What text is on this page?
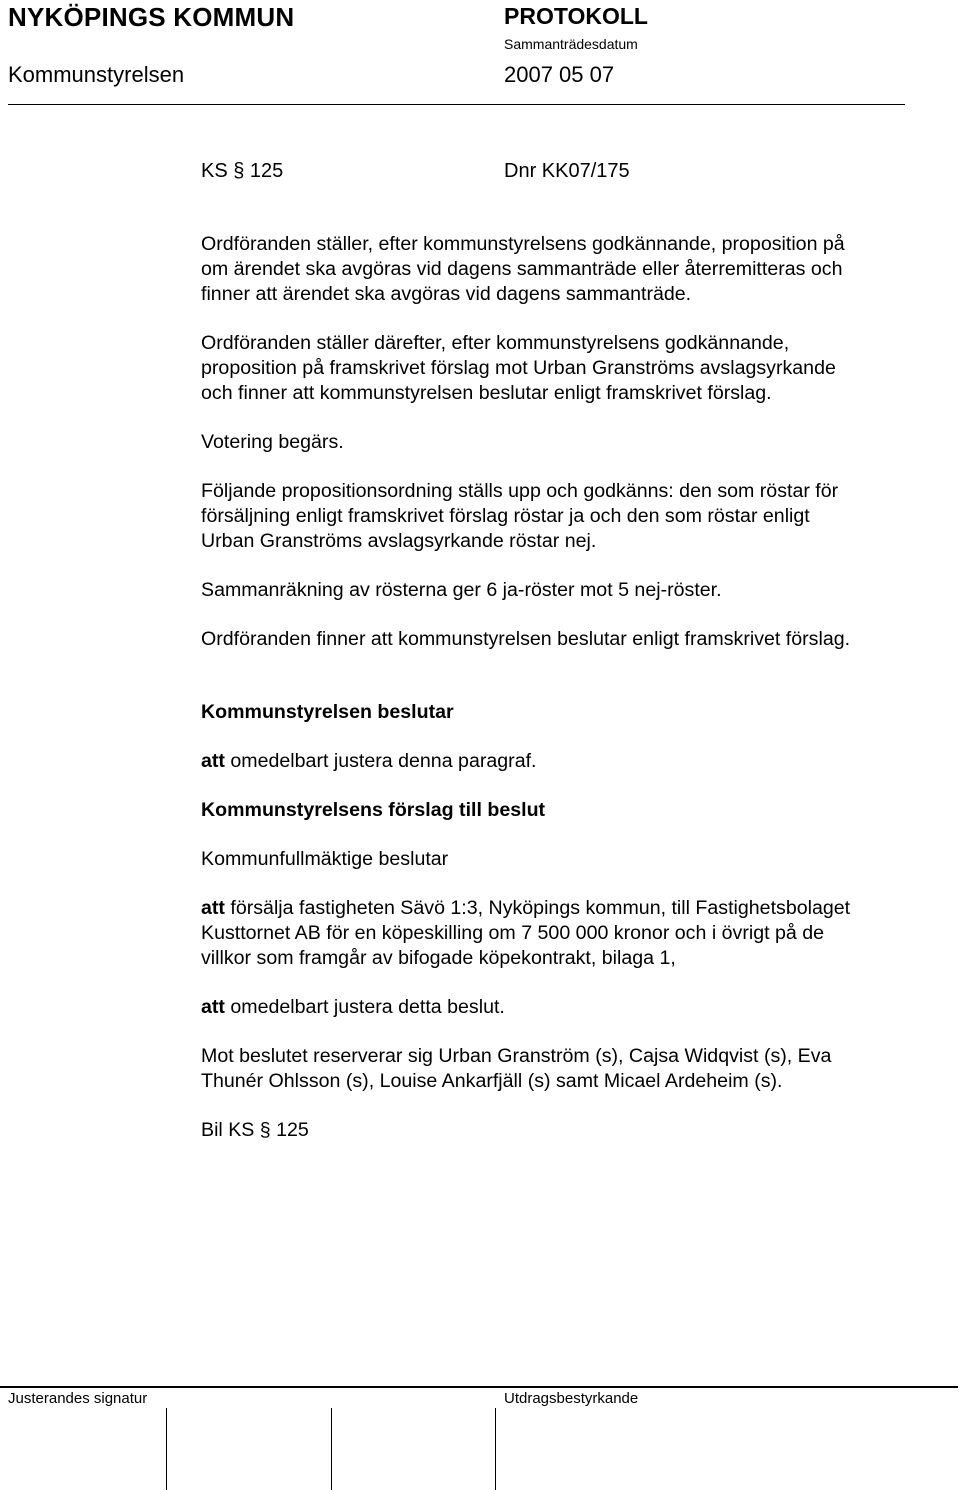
NYKÖPINGS KOMMUN	PROTOKOLL
Sammanträdesdatum
Kommunstyrelsen	2007 05 07
KS § 125	Dnr KK07/175

Ordföranden ställer, efter kommunstyrelsens godkännande, proposition på
om ärendet ska avgöras vid dagens sammanträde eller återremitteras och
finner att ärendet ska avgöras vid dagens sammanträde.

Ordföranden ställer därefter, efter kommunstyrelsens godkännande,
proposition på framskrivet förslag mot Urban Granströms avslagsyrkande
och finner att kommunstyrelsen beslutar enligt framskrivet förslag.

Votering begärs.

Följande propositionsordning ställs upp och godkänns: den som röstar för
försäljning enligt framskrivet förslag röstar ja och den som röstar enligt
Urban Granströms avslagsyrkande röstar nej.

Sammanräkning av rösterna ger 6 ja-röster mot 5 nej-röster.

Ordföranden finner att kommunstyrelsen beslutar enligt framskrivet förslag.

Kommunstyrelsen beslutar

att omedelbart justera denna paragraf.

Kommunstyrelsens förslag till beslut

Kommunfullmäktige beslutar

att försälja fastigheten Sävö 1:3, Nyköpings kommun, till Fastighetsbolaget
Kusttornet AB för en köpeskilling om 7 500 000 kronor och i övrigt på de
villkor som framgår av bifogade köpekontrakt, bilaga 1,

att omedelbart justera detta beslut.

Mot beslutet reserverar sig Urban Granström (s), Cajsa Widqvist (s), Eva
Thunér Ohlsson (s), Louise Ankarfjäll (s) samt Micael Ardeheim (s).

Bil KS § 125

Justerandes signatur	Utdragsbestyrkande
